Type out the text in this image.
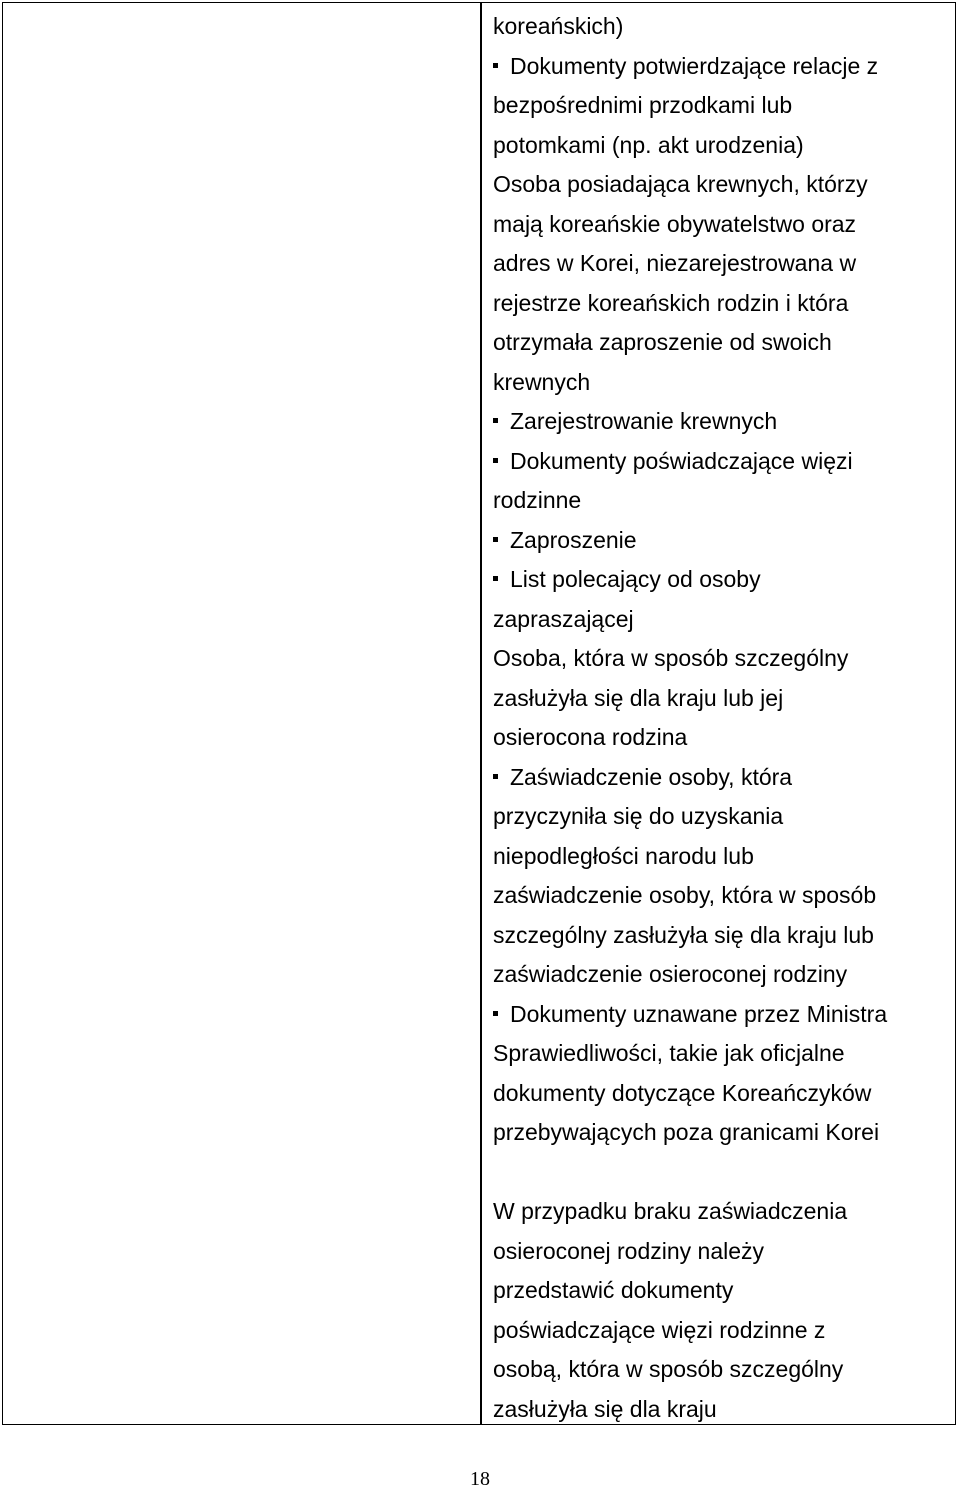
koreańskich)
Dokumenty potwierdzające relacje z
bezpośrednimi przodkami lub
potomkami (np. akt urodzenia)
Osoba posiadająca krewnych, którzy
mają koreańskie obywatelstwo oraz
adres w Korei, niezarejestrowana w
rejestrze koreańskich rodzin i która
otrzymała zaproszenie od swoich
krewnych
Zarejestrowanie krewnych
Dokumenty poświadczające więzi
rodzinne
Zaproszenie
List polecający od osoby
zapraszającej
Osoba, która w sposób szczególny
zasłużyła się dla kraju lub jej
osierocona rodzina
Zaświadczenie osoby, która
przyczyniła się do uzyskania
niepodległości narodu lub
zaświadczenie osoby, która w sposób
szczególny zasłużyła się dla kraju lub
zaświadczenie osieroconej rodziny
Dokumenty uznawane przez Ministra
Sprawiedliwości, takie jak oficjalne
dokumenty dotyczące Koreańczyków
przebywających poza granicami Korei
W przypadku braku zaświadczenia
osieroconej rodziny należy
przedstawić dokumenty
poświadczające więzi rodzinne z
osobą, która w sposób szczególny
zasłużyła się dla kraju
18
